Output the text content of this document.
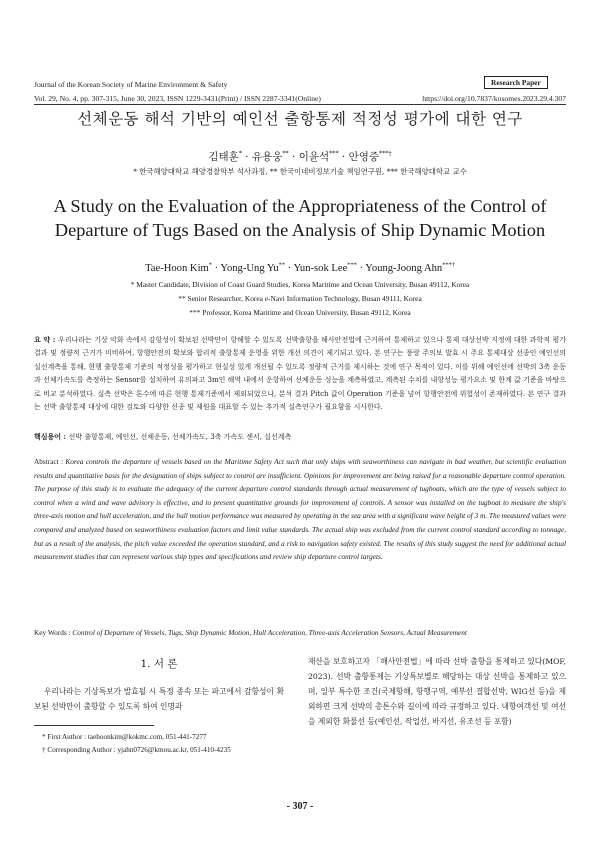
Journal of the Korean Society of Marine Environment & Safety
Vol. 29, No. 4, pp. 307-315, June 30, 2023, ISSN 1229-3431(Print) / ISSN 2287-3341(Online)
Research Paper
https://doi.org/10.7837/kosomes.2023.29.4.307
선체운동 해석 기반의 예인선 출항통제 적정성 평가에 대한 연구
김태훈* · 유용웅** · 이윤석*** · 안영중***†
* 한국해양대학교 해양경찰학부 석사과정, ** 한국이네비정보기술 책임연구원, *** 한국해양대학교 교수
A Study on the Evaluation of the Appropriateness of the Control of
Departure of Tugs Based on the Analysis of Ship Dynamic Motion
Tae-Hoon Kim* · Yong-Ung Yu** · Yun-sok Lee*** · Young-Joong Ahn***†
* Master Candidate, Division of Coast Guard Studies, Korea Maritime and Ocean University, Busan 49112, Korea
** Senior Researcher, Korea e-Navi Information Technology, Busan 49111, Korea
*** Professor, Korea Maritime and Ocean University, Busan 49112, Korea
요 약 : 우리나라는 기상 악화 속에서 감항성이 확보된 선박만이 항해할 수 있도록 선박출항을 해사안전법에 근거하여 통제하고 있으나 통제 대상선박 지정에 대한 과학적 평가 결과 및 정량적 근거가 미비하여, 항행안전의 확보와 합리적 출항통제 운영을 위한 개선 의견이 제기되고 있다. 본 연구는 풍랑 주의보 발효 시 주요 통제대상 선종인 예인선의 실선계측을 통해, 현행 출항통제 기준의 적정성을 평가하고 현실성 있게 개선될 수 있도록 정량적 근거를 제시하는 것에 연구 목적이 있다. 이를 위해 예인선에 선박의 3축 운동과 선체가속도를 측정하는 Sensor를 설치하여 유의파고 3m인 해역 내에서 운항하여 선체운동 성능을 계측하였고, 계측된 수치를 내항성능 평가요소 및 한계 값 기준을 바탕으로 비교 분석하였다. 실측 선박은 톤수에 따른 현행 통제기준에서 제외되었으나, 분석 결과 Pitch 값이 Operation 기준을 넘어 항행안전에 위험성이 존재하였다. 본 연구 결과는 선박 출항통제 대상에 대한 검토와 다양한 선종 및 제원을 대표할 수 있는 추가적 실측연구가 필요함을 시사한다.
핵심용어 : 선박 출항통제, 예인선, 선체운동, 선체가속도, 3축 가속도 센서, 실선계측
Abstract : Korea controls the departure of vessels based on the Maritime Safety Act such that only ships with seaworthiness can navigate in bad weather, but scientific evaluation results and quantitative basis for the designation of ships subject to control are insufficient. Opinions for improvement are being raised for a reasonable departure control operation. The purpose of this study is to evaluate the adequacy of the current departure control standards through actual measurement of tugboats, which are the type of vessels subject to control when a wind and wave advisory is effective, and to present quantitative grounds for improvement of controls. A sensor was installed on the tugboat to measure the ship's three-axis motion and hull acceleration, and the hull motion performance was measured by operating in the sea area with a significant wave height of 3 m. The measured values were compared and analyzed based on seaworthiness evaluation factors and limit value standards. The actual ship was excluded from the current control standard according to tonnage, but as a result of the analysis, the pitch value exceeded the operation standard, and a risk to navigation safety existed. The results of this study suggest the need for additional actual measurement studies that can represent various ship types and specifications and review ship departure control targets.
Key Words : Control of Departure of Vessels, Tugs, Ship Dynamic Motion, Hull Acceleration, Three-axis Acceleration Sensors, Actual Measurement
1. 서 론
우리나라는 기상특보가 발효될 시 특정 종속 또는 파고에서 감항성이 확보된 선박만이 출항할 수 있도록 하여 인명과
* First Author : taehoonkim@kokmc.com, 051-441-7277
† Corresponding Author : yjahn0726@kmou.ac.kr, 051-410-4235
재산을 보호하고자 「해사안전법」에 따라 선박 출항을 통제하고 있다(MOF, 2023). 선박 출항통제는 기상특보별로 해당하는 대상 선박을 통제하고 있으며, 일부 특수한 조건(국제항해, 항행구역, 예부선 결합선박, WIG선 등)을 제외하면 크게 선박의 총톤수와 길이에 따라 규정하고 있다. 내항여객선 및 여선을 제외한 화물선 등(예인선, 작업선, 바지선, 유조선 등 포함)
- 307 -
